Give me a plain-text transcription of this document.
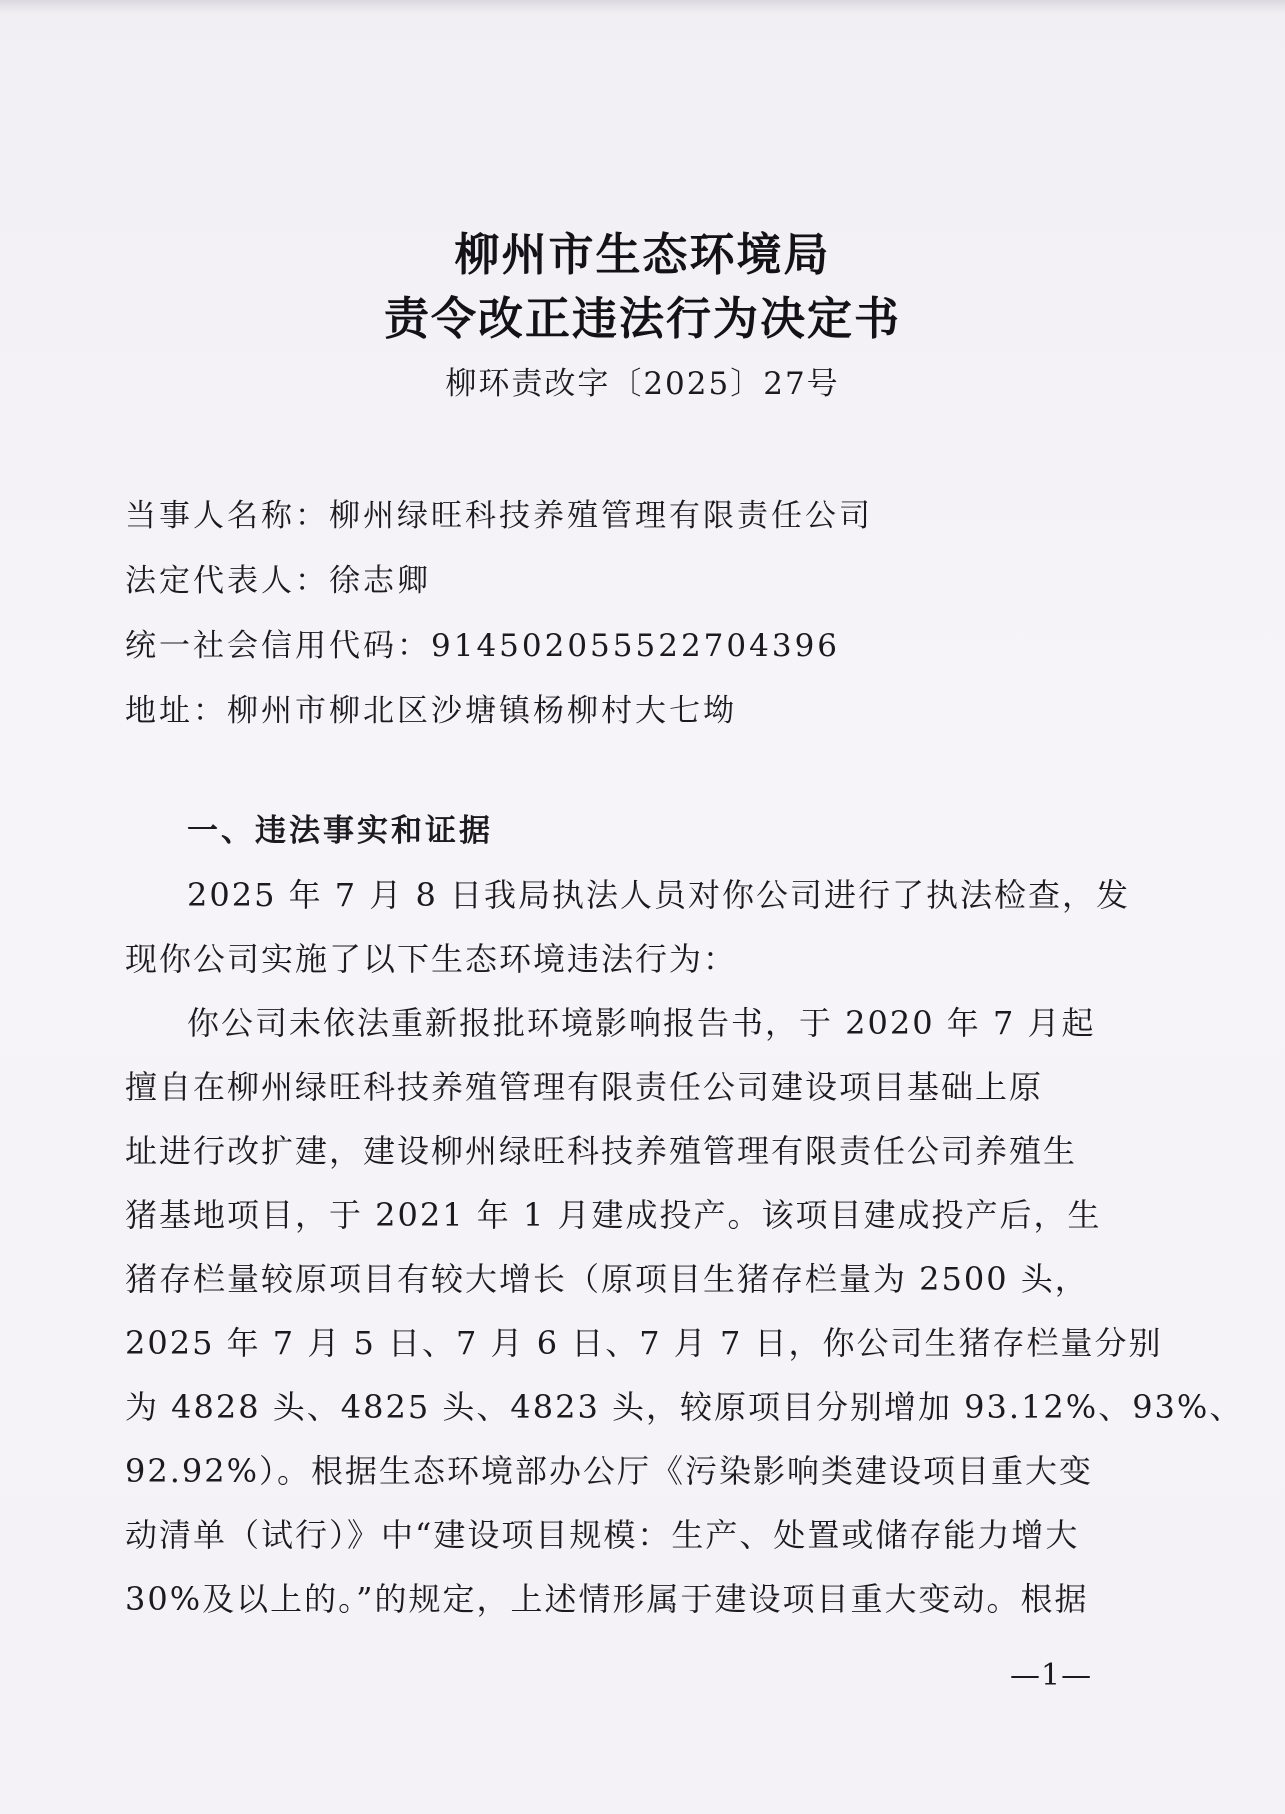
柳州市生态环境局
责令改正违法行为决定书
柳环责改字〔2025〕27号
当事人名称：柳州绿旺科技养殖管理有限责任公司
法定代表人：徐志卿
统一社会信用代码：914502055522704396
地址：柳州市柳北区沙塘镇杨柳村大七坳
一、违法事实和证据
2025 年 7 月 8 日我局执法人员对你公司进行了执法检查，发
现你公司实施了以下生态环境违法行为：
你公司未依法重新报批环境影响报告书，于 2020 年 7 月起
擅自在柳州绿旺科技养殖管理有限责任公司建设项目基础上原
址进行改扩建，建设柳州绿旺科技养殖管理有限责任公司养殖生
猪基地项目，于 2021 年 1 月建成投产。该项目建成投产后，生
猪存栏量较原项目有较大增长（原项目生猪存栏量为 2500 头，
2025 年 7 月 5 日、7 月 6 日、7 月 7 日，你公司生猪存栏量分别
为 4828 头、4825 头、4823 头，较原项目分别增加 93.12%、93%、
92.92%）。根据生态环境部办公厅《污染影响类建设项目重大变
动清单（试行）》中“建设项目规模：生产、处置或储存能力增大
30%及以上的。”的规定，上述情形属于建设项目重大变动。根据
—1—
